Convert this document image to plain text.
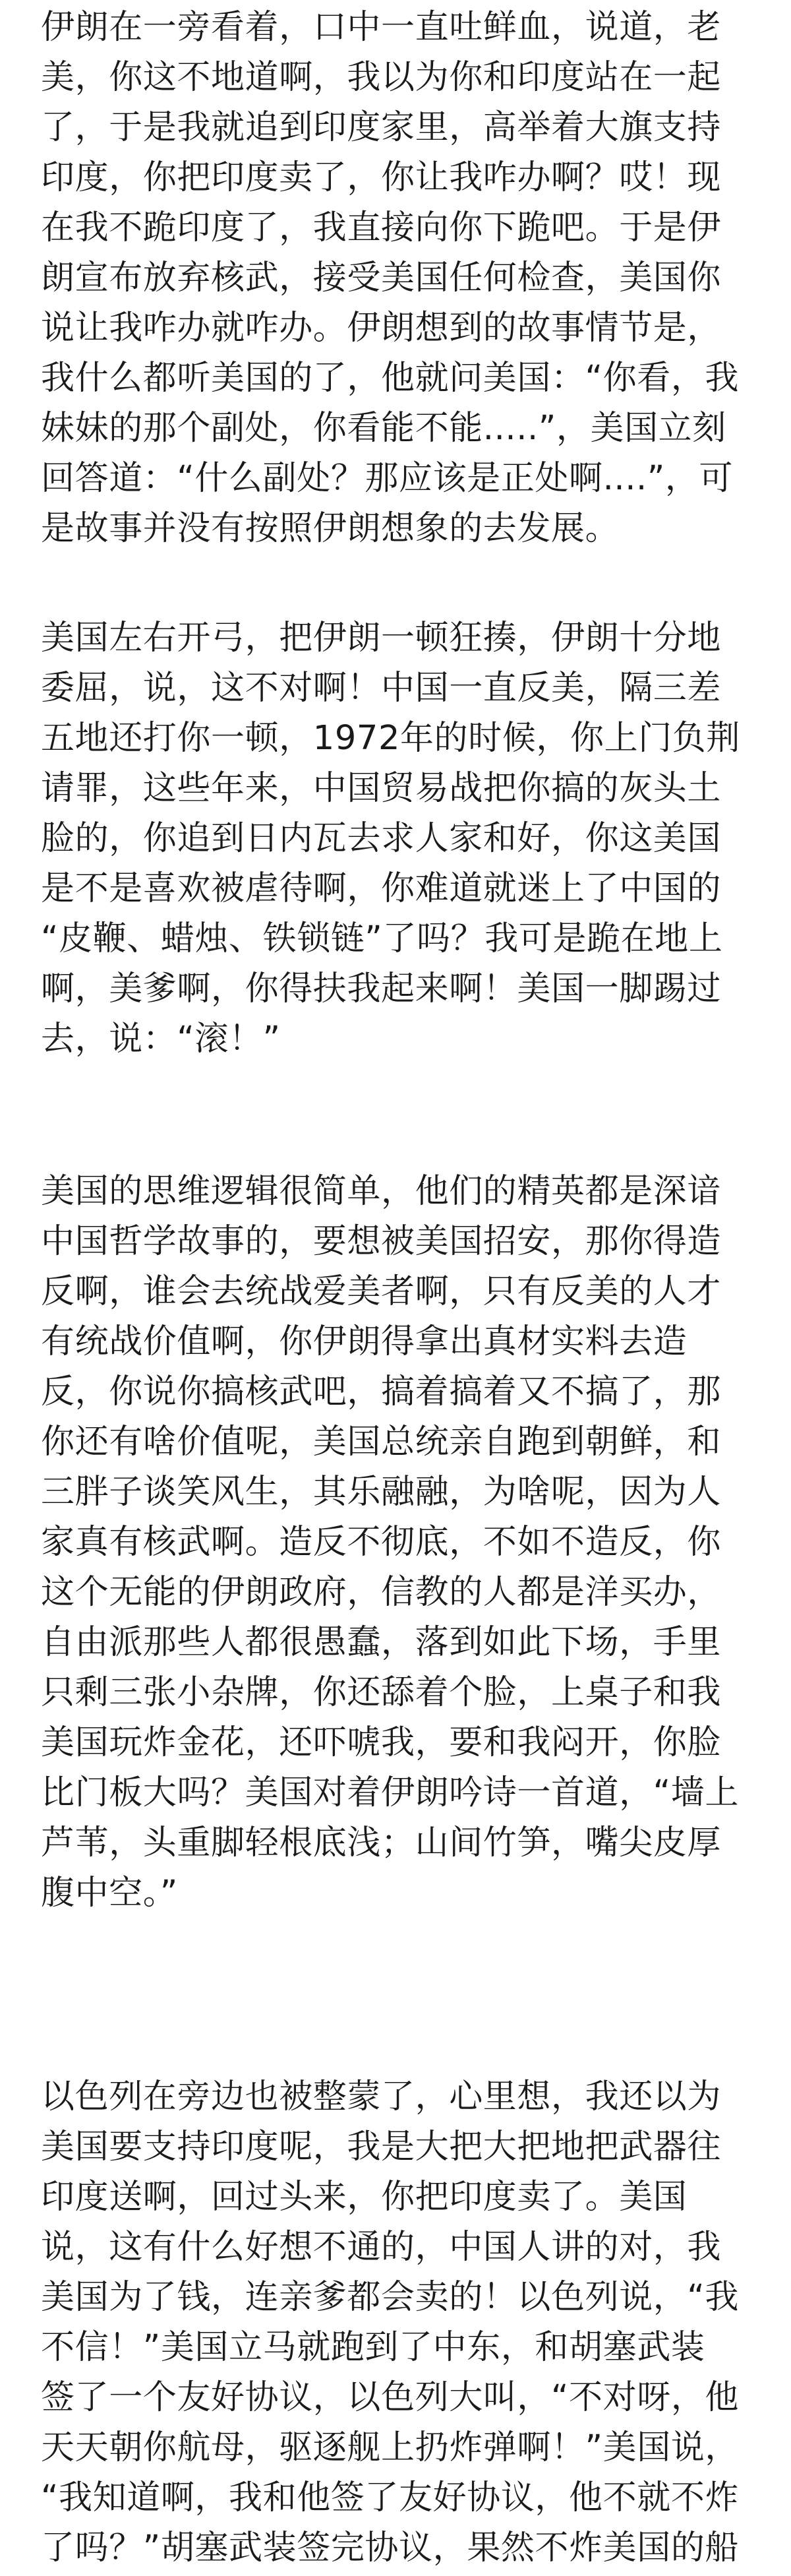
伊朗在一旁看着，口中一直吐鲜血，说道，老
美，你这不地道啊，我以为你和印度站在一起
了，于是我就追到印度家里，高举着大旗支持
印度，你把印度卖了，你让我咋办啊？哎！现
在我不跪印度了，我直接向你下跪吧。于是伊
朗宣布放弃核武，接受美国任何检查，美国你
说让我咋办就咋办。伊朗想到的故事情节是，
我什么都听美国的了，他就问美国：“你看，我
妹妹的那个副处，你看能不能.....”，美国立刻
回答道：“什么副处？那应该是正处啊....”，可
是故事并没有按照伊朗想象的去发展。
美国左右开弓，把伊朗一顿狂揍，伊朗十分地
委屈，说，这不对啊！中国一直反美，隔三差
五地还打你一顿，1972年的时候，你上门负荆
请罪，这些年来，中国贸易战把你搞的灰头土
脸的，你追到日内瓦去求人家和好，你这美国
是不是喜欢被虐待啊，你难道就迷上了中国的
“皮鞭、蜡烛、铁锁链”了吗？我可是跪在地上
啊，美爹啊，你得扶我起来啊！美国一脚踢过
去，说：“滚！”
美国的思维逻辑很简单，他们的精英都是深谙
中国哲学故事的，要想被美国招安，那你得造
反啊，谁会去统战爱美者啊，只有反美的人才
有统战价值啊，你伊朗得拿出真材实料去造
反，你说你搞核武吧，搞着搞着又不搞了，那
你还有啥价值呢，美国总统亲自跑到朝鲜，和
三胖子谈笑风生，其乐融融，为啥呢，因为人
家真有核武啊。造反不彻底，不如不造反，你
这个无能的伊朗政府，信教的人都是洋买办，
自由派那些人都很愚蠢，落到如此下场，手里
只剩三张小杂牌，你还舔着个脸，上桌子和我
美国玩炸金花，还吓唬我，要和我闷开，你脸
比门板大吗？美国对着伊朗吟诗一首道，“墙上
芦苇，头重脚轻根底浅；山间竹笋，嘴尖皮厚
腹中空。”
以色列在旁边也被整蒙了，心里想，我还以为
美国要支持印度呢，我是大把大把地把武器往
印度送啊，回过头来，你把印度卖了。美国
说，这有什么好想不通的，中国人讲的对，我
美国为了钱，连亲爹都会卖的！以色列说，“我
不信！”美国立马就跑到了中东，和胡塞武装
签了一个友好协议，以色列大叫，“不对呀，他
天天朝你航母，驱逐舰上扔炸弹啊！”美国说，
“我知道啊，我和他签了友好协议，他不就不炸
了吗？”胡塞武装签完协议，果然不炸美国的船
